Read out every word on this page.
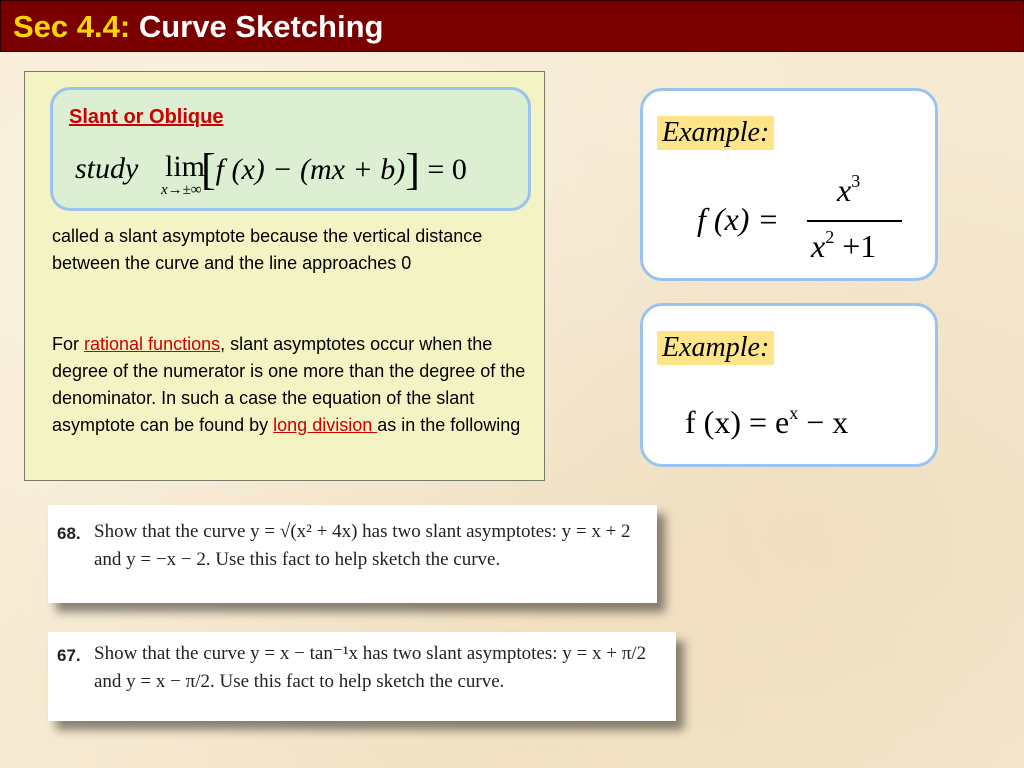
Sec 4.4: Curve Sketching
Slant or Oblique
study lim
x→±∞ [f (x) − (mx + b)] = 0
called a slant asymptote because the vertical distance between the curve and the line approaches 0
For rational functions, slant asymptotes occur when the degree of the numerator is one more than the degree of the denominator. In such a case the equation of the slant asymptote can be found by long division as in the following
Example:
f (x) =
$x^3$
$x^2 +1$
Example:
f $(x) = e^x - x$
68. Show that the curve y = √(x² + 4x) has two slant asymptotes: y = x + 2 and y = −x − 2. Use this fact to help sketch the curve.
67. Show that the curve y = x − tan⁻¹x has two slant asymptotes: y = x + π/2 and y = x − π/2. Use this fact to help sketch the curve.
